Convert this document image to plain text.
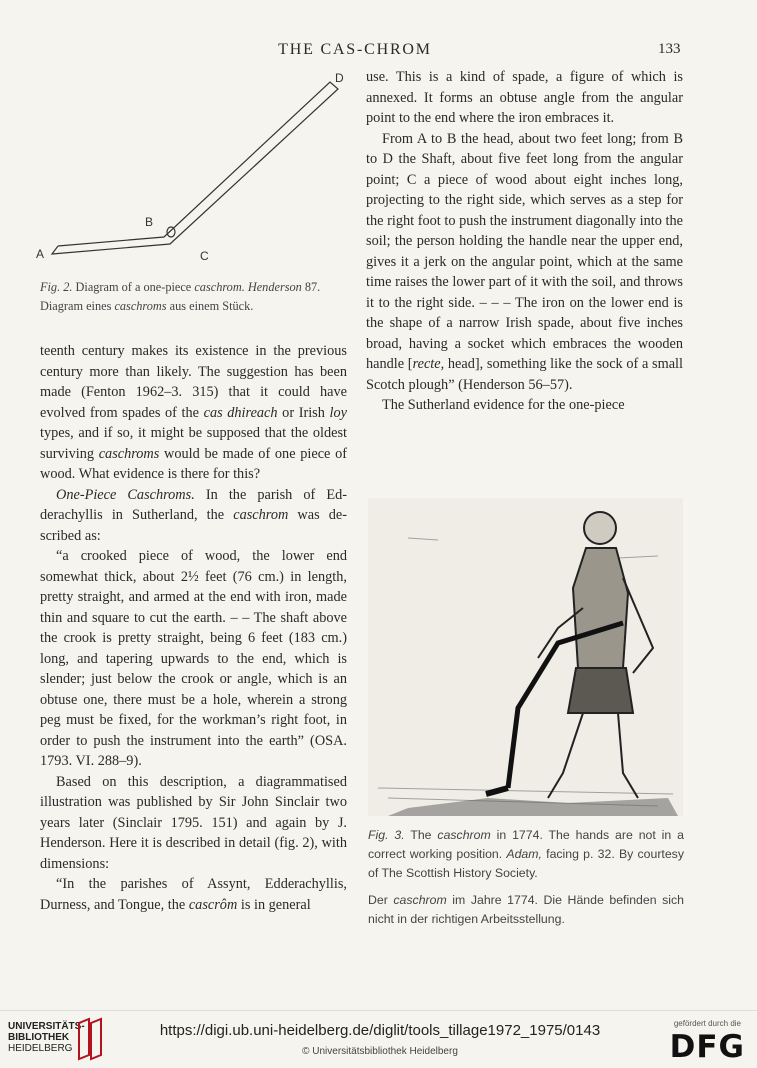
THE CAS-CHROM	133
A
B
C
D
Fig. 2. Diagram of a one-piece caschrom. Henderson 87.
Diagram eines caschroms aus einem Stück.

teenth century makes its existence in the previous century more than likely. The suggestion has been made (Fenton 1962–3. 315) that it could have evolved from spades of the cas dhireach or Irish loy types, and if so, it might be supposed that the oldest surviving caschroms would be made of one piece of wood. What evidence is there for this?

One-Piece Caschroms. In the parish of Edderachyllis in Sutherland, the caschrom was described as:

“a crooked piece of wood, the lower end somewhat thick, about 2½ feet (76 cm.) in length, pretty straight, and armed at the end with iron, made thin and square to cut the earth. – – The shaft above the crook is pretty straight, being 6 feet (183 cm.) long, and tapering upwards to the end, which is slender; just below the crook or angle, which is an obtuse one, there must be a hole, wherein a strong peg must be fixed, for the workman’s right foot, in order to push the instrument into the earth” (OSA. 1793. VI. 288–9).

Based on this description, a diagrammatised illustration was published by Sir John Sinclair two years later (Sinclair 1795. 151) and again by J. Henderson. Here it is described in detail (fig. 2), with dimensions:

“In the parishes of Assynt, Edderachyllis, Durness, and Tongue, the cascrôm is in general

use. This is a kind of spade, a figure of which is annexed. It forms an obtuse angle from the angular point to the end where the iron embraces it.

From A to B the head, about two feet long; from B to D the Shaft, about five feet long from the angular point; C a piece of wood about eight inches long, projecting to the right side, which serves as a step for the right foot to push the instrument diagonally into the soil; the person holding the handle near the upper end, gives it a jerk on the angular point, which at the same time raises the lower part of it with the soil, and throws it to the right side. – – – The iron on the lower end is the shape of a narrow Irish spade, about five inches broad, having a socket which embraces the wooden handle [recte, head], something like the sock of a small Scotch plough” (Henderson 56–57).

The Sutherland evidence for the one-piece

Fig. 3. The caschrom in 1774. The hands are not in a correct working position. Adam, facing p. 32. By courtesy of The Scottish History Society.
Der caschrom im Jahre 1774. Die Hände befinden sich nicht in der richtigen Arbeitsstellung.
UNIVERSITÄTS-
BIBLIOTHEK
HEIDELBERG
https://digi.ub.uni-heidelberg.de/diglit/tools_tillage1972_1975/0143
© Universitätsbibliothek Heidelberg
gefördert durch die
DFG
